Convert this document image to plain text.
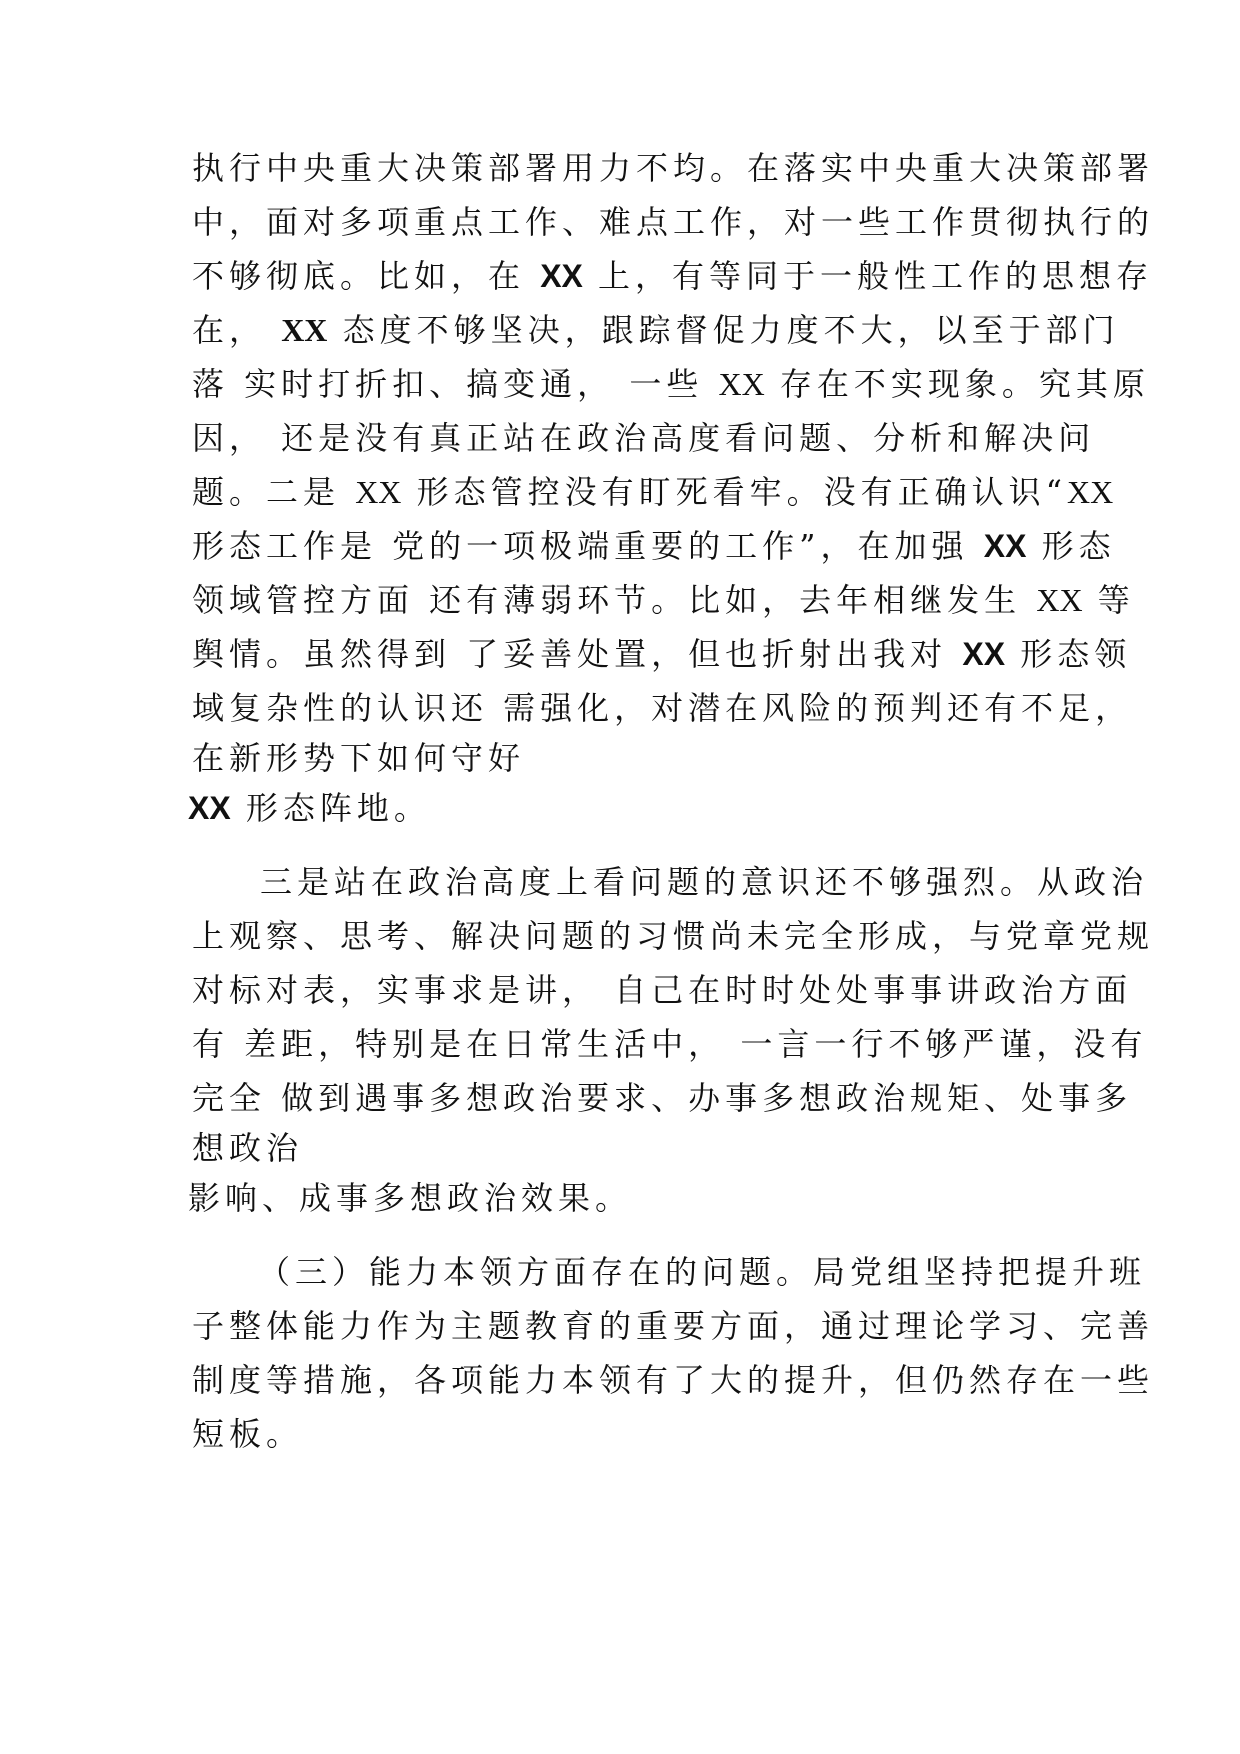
执行中央重大决策部署用力不均。在落实中央重大决策部署

中，面对多项重点工作、难点工作，对一些工作贯彻执行的

不够彻底。比如，在 XX 上，有等同于一般性工作的思想存

在， XX 态度不够坚决，跟踪督促力度不大，以至于部门

落 实时打折扣、搞变通， 一些 XX 存在不实现象。究其原

因， 还是没有真正站在政治高度看问题、分析和解决问

题。二是 XX 形态管控没有盯死看牢。没有正确认识“XX

形态工作是 党的一项极端重要的工作”，在加强 XX 形态

领域管控方面 还有薄弱环节。比如，去年相继发生 XX 等

舆情。虽然得到 了妥善处置，但也折射出我对 XX 形态领

域复杂性的认识还 需强化，对潜在风险的预判还有不足，

在新形势下如何守好

XX 形态阵地。

三是站在政治高度上看问题的意识还不够强烈。从政治

上观察、思考、解决问题的习惯尚未完全形成，与党章党规

对标对表，实事求是讲， 自己在时时处处事事讲政治方面

有 差距，特别是在日常生活中， 一言一行不够严谨，没有

完全 做到遇事多想政治要求、办事多想政治规矩、处事多

想政治

影响、成事多想政治效果。

（三）能力本领方面存在的问题。局党组坚持把提升班

子整体能力作为主题教育的重要方面，通过理论学习、完善

制度等措施，各项能力本领有了大的提升，但仍然存在一些

短板。
